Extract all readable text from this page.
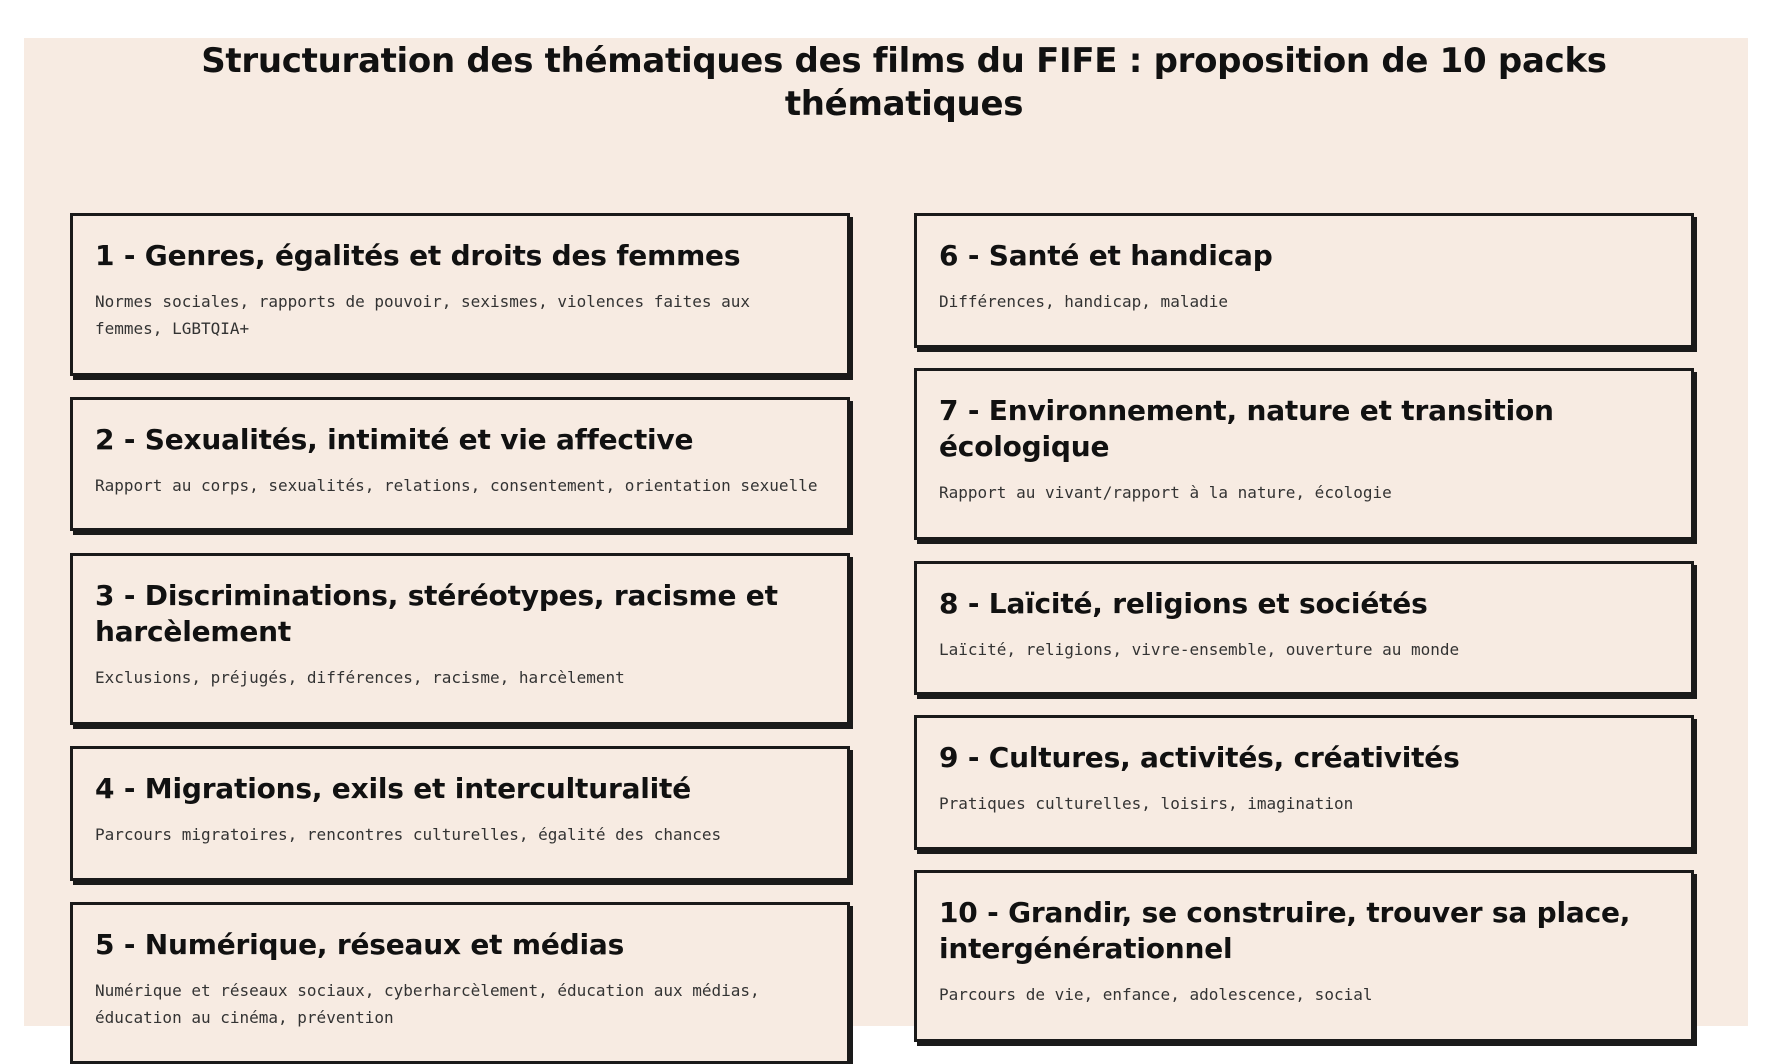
Structuration des thématiques des films du FIFE : proposition de 10 packs thématiques
1 - Genres, égalités et droits des femmes

Normes sociales, rapports de pouvoir, sexismes, violences faites aux femmes, LGBTQIA+

2 - Sexualités, intimité et vie affective

Rapport au corps, sexualités, relations, consentement, orientation sexuelle

3 - Discriminations, stéréotypes, racisme et harcèlement

Exclusions, préjugés, différences, racisme, harcèlement

4 - Migrations, exils et interculturalité

Parcours migratoires, rencontres culturelles, égalité des chances

5 - Numérique, réseaux et médias

Numérique et réseaux sociaux, cyberharcèlement, éducation aux médias, éducation au cinéma, prévention

6 - Santé et handicap

Différences, handicap, maladie

7 - Environnement, nature et transition écologique

Rapport au vivant/rapport à la nature, écologie

8 - Laïcité, religions et sociétés

Laïcité, religions, vivre-ensemble, ouverture au monde

9 - Cultures, activités, créativités

Pratiques culturelles, loisirs, imagination

10 - Grandir, se construire, trouver sa place, intergénérationnel

Parcours de vie, enfance, adolescence, social
